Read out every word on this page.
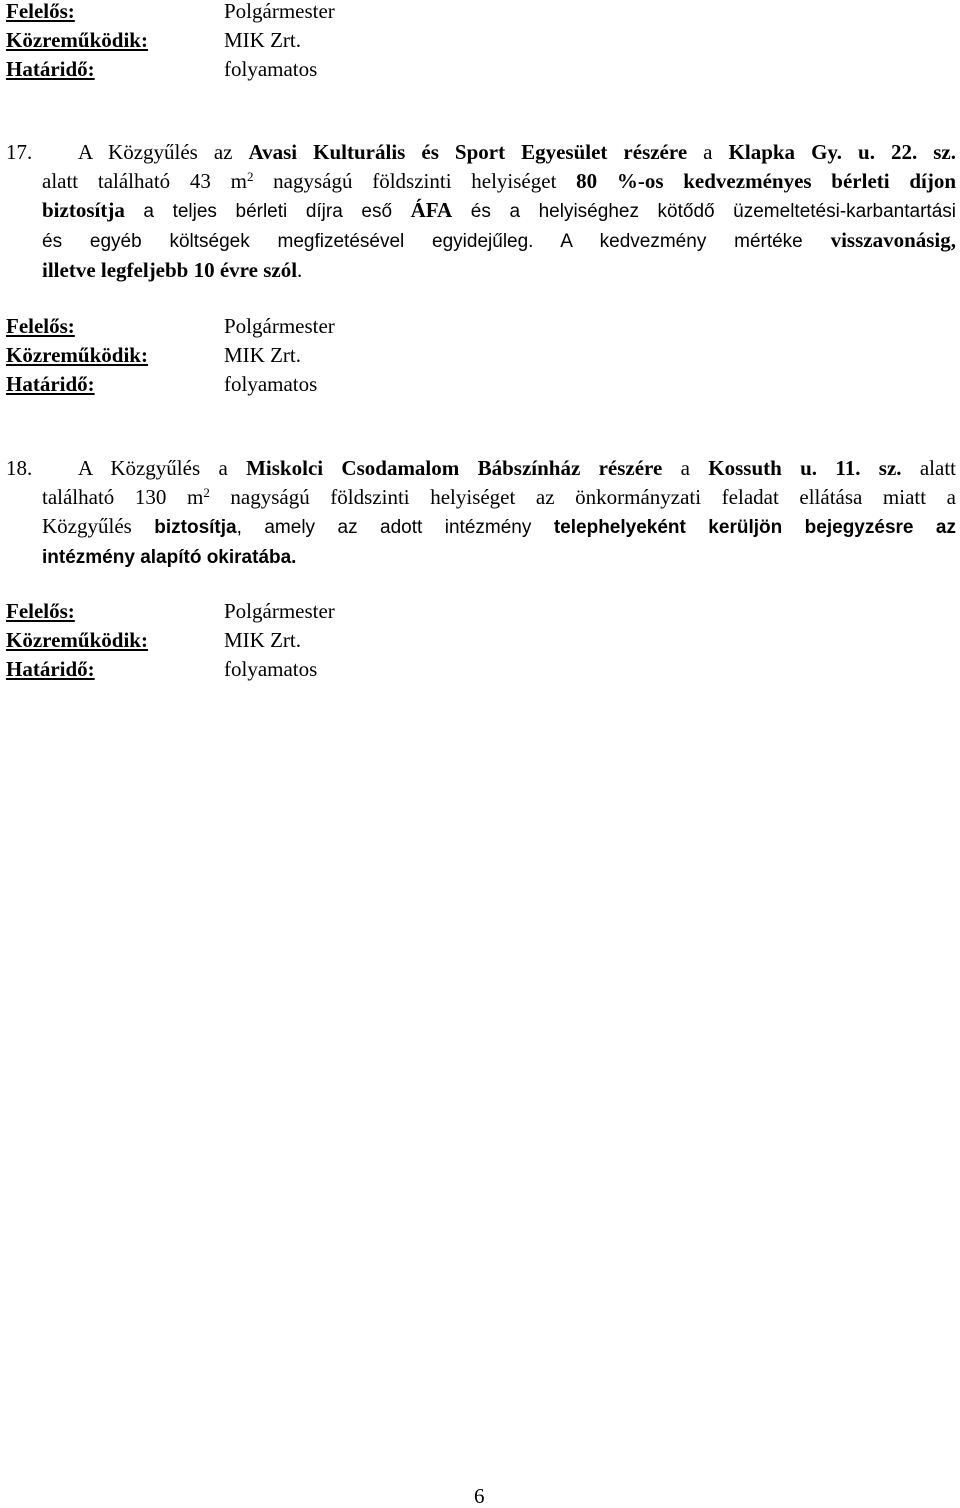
Felelős:	Polgármester
Közreműködik:	MIK Zrt.
Határidő:	folyamatos
17.	A Közgyűlés az Avasi Kulturális és Sport Egyesület részére a Klapka Gy. u. 22. sz.
alatt található 43 $m^2$ nagyságú földszinti helyiséget 80 %-os kedvezményes bérleti díjon
biztosítja a teljes bérleti díjra eső ÁFA és a helyiséghez kötődő üzemeltetési-karbantartási
és egyéb költségek megfizetésével egyidejűleg. A kedvezmény mértéke visszavonásig,
illetve legfeljebb 10 évre szól.
Felelős:	Polgármester
Közreműködik:	MIK Zrt.
Határidő:	folyamatos
18.	A Közgyűlés a Miskolci Csodamalom Bábszínház részére a Kossuth u. 11. sz. alatt
található 130 $m^2$ nagyságú földszinti helyiséget az önkormányzati feladat ellátása miatt a
Közgyűlés biztosítja, amely az adott intézmény telephelyeként kerüljön bejegyzésre az
intézmény alapító okiratába.
Felelős:	Polgármester
Közreműködik:	MIK Zrt.
Határidő:	folyamatos
6
